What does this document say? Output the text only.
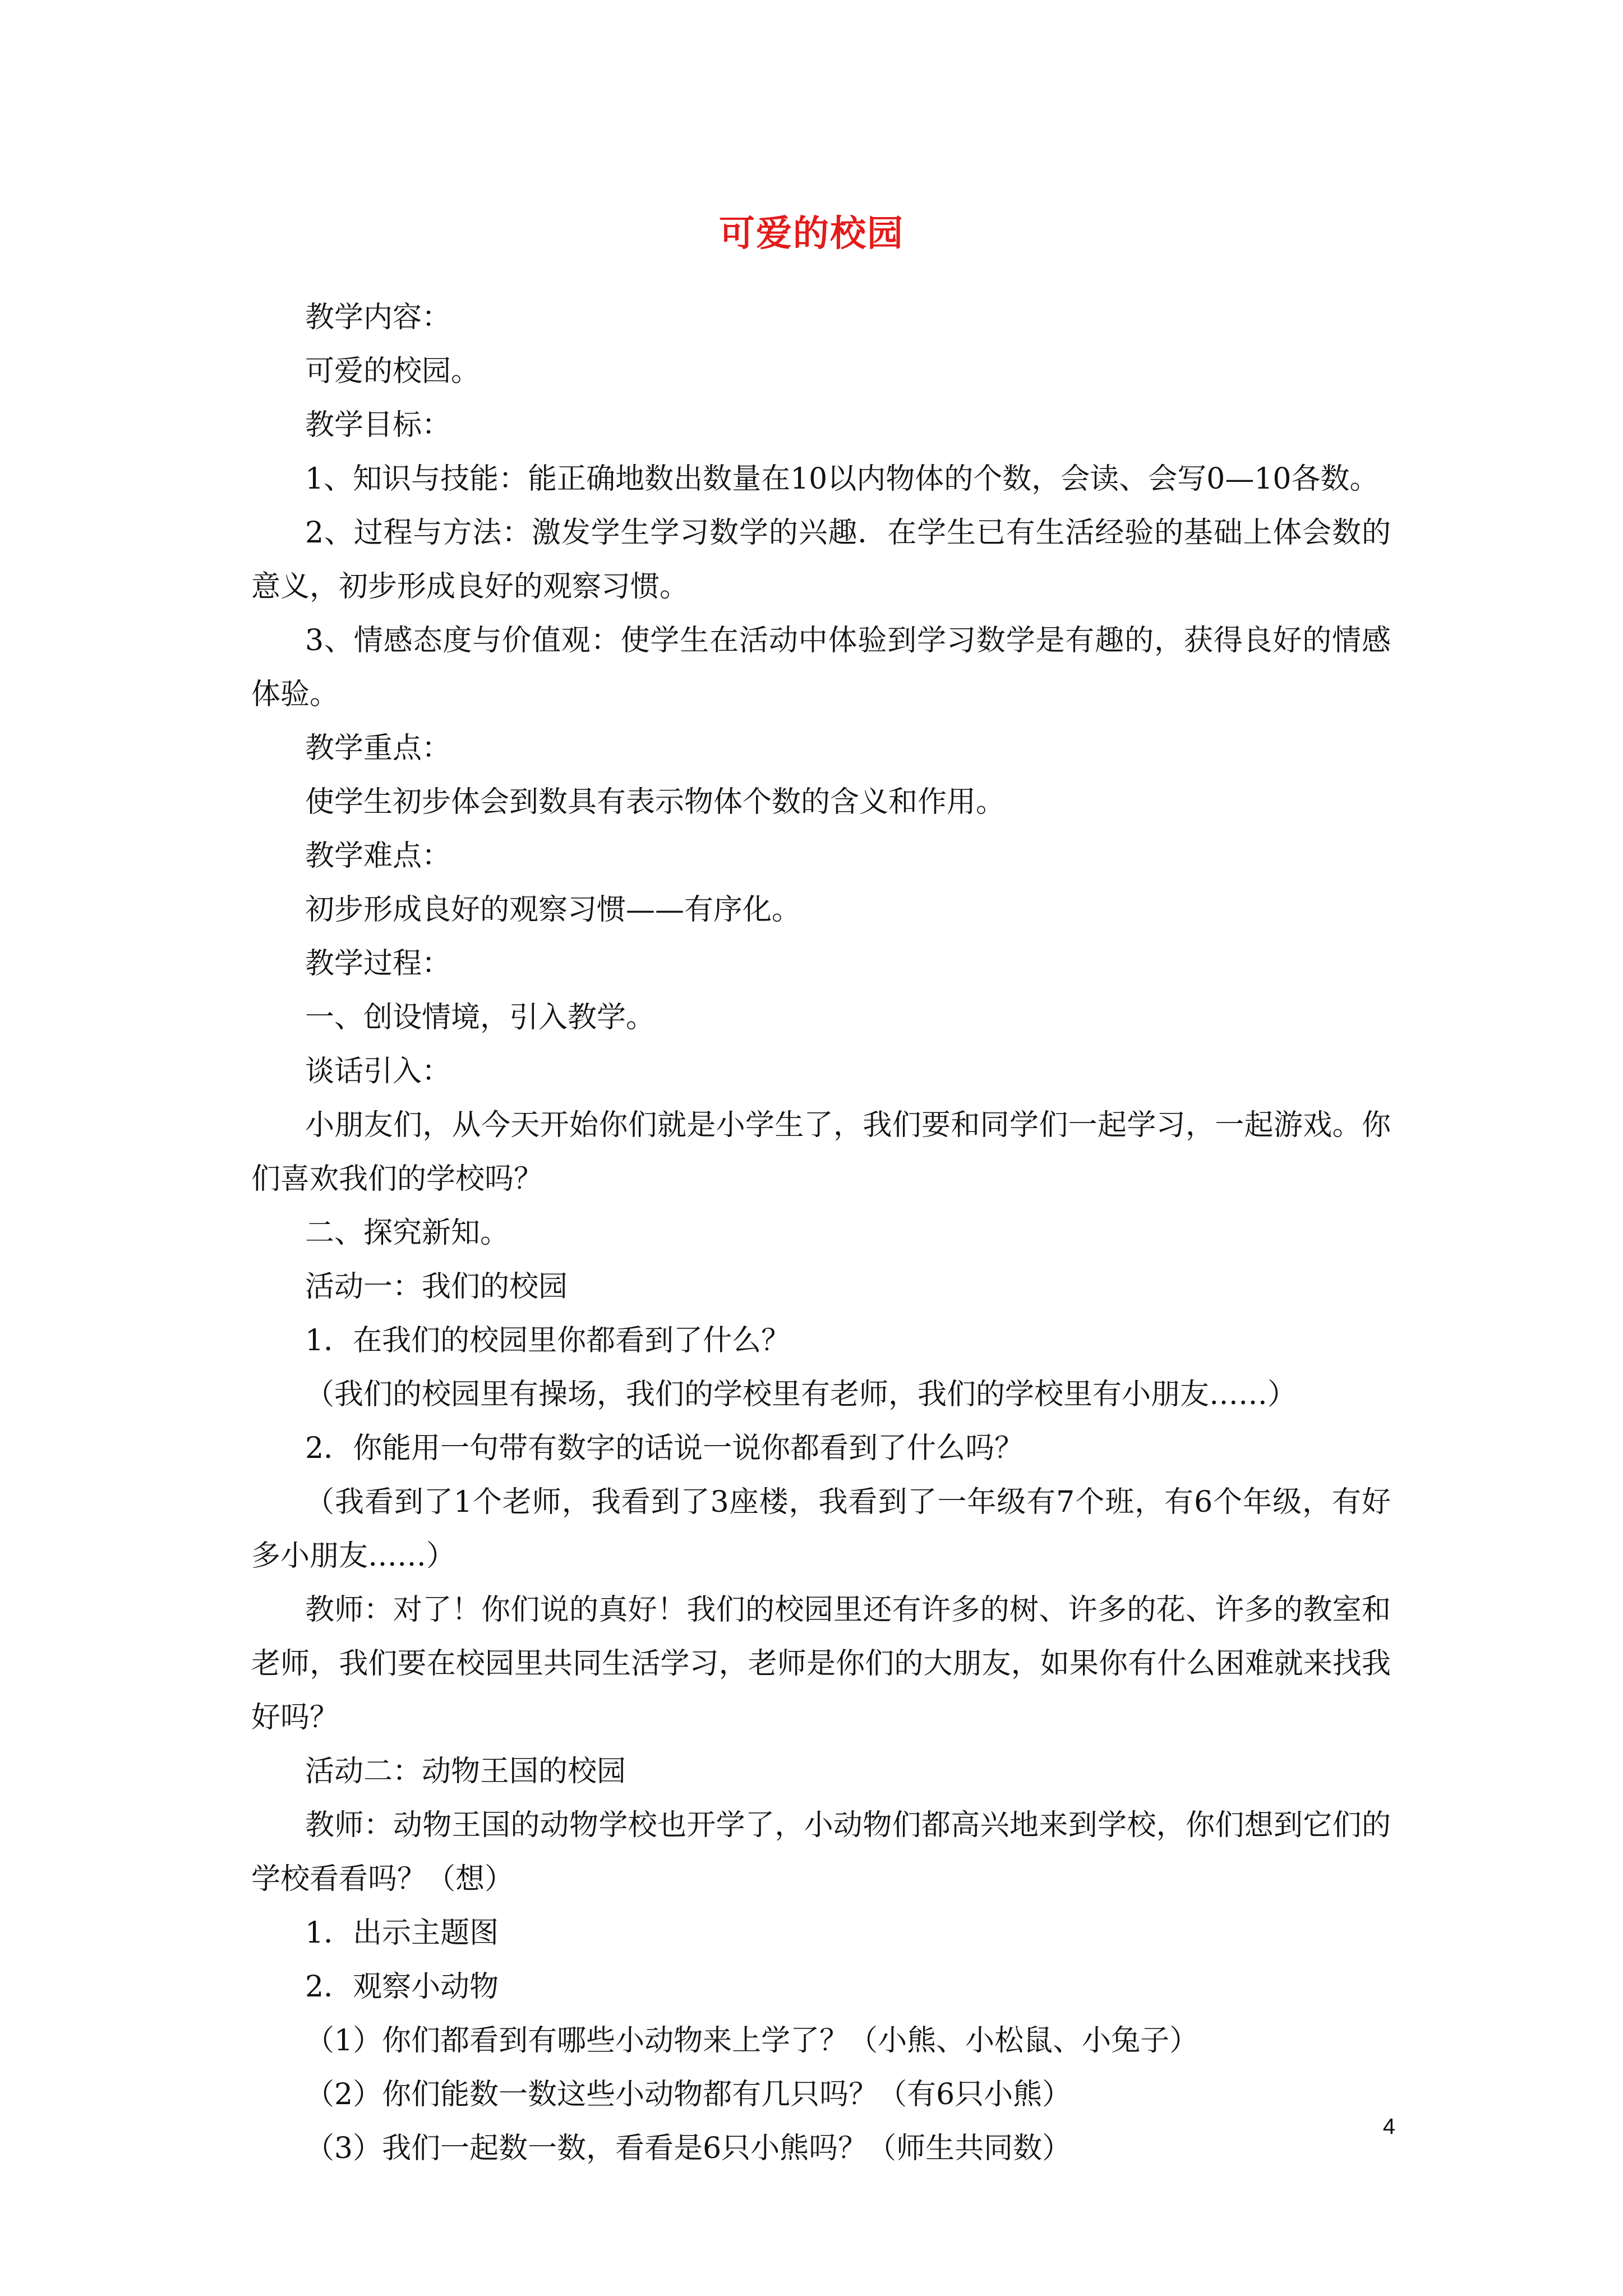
可爱的校园

教学内容：

可爱的校园。

教学目标：

1、知识与技能：能正确地数出数量在10以内物体的个数，会读、会写0—10各数。

2、过程与方法：激发学生学习数学的兴趣．在学生已有生活经验的基础上体会数的意义，初步形成良好的观察习惯。

3、情感态度与价值观：使学生在活动中体验到学习数学是有趣的，获得良好的情感体验。

教学重点：

使学生初步体会到数具有表示物体个数的含义和作用。

教学难点：

初步形成良好的观察习惯——有序化。

教学过程：

一、创设情境，引入教学。

谈话引入：

小朋友们，从今天开始你们就是小学生了，我们要和同学们一起学习，一起游戏。你们喜欢我们的学校吗？

二、探究新知。

活动一：我们的校园

1．在我们的校园里你都看到了什么？

（我们的校园里有操场，我们的学校里有老师，我们的学校里有小朋友……）

2．你能用一句带有数字的话说一说你都看到了什么吗？

（我看到了1个老师，我看到了3座楼，我看到了一年级有7个班，有6个年级，有好多小朋友……）

教师：对了！你们说的真好！我们的校园里还有许多的树、许多的花、许多的教室和老师，我们要在校园里共同生活学习，老师是你们的大朋友，如果你有什么困难就来找我好吗？

活动二：动物王国的校园

教师：动物王国的动物学校也开学了，小动物们都高兴地来到学校，你们想到它们的学校看看吗？（想）

1．出示主题图

2．观察小动物

（1）你们都看到有哪些小动物来上学了？（小熊、小松鼠、小兔子）

（2）你们能数一数这些小动物都有几只吗？（有6只小熊）

（3）我们一起数一数，看看是6只小熊吗？（师生共同数）

4
